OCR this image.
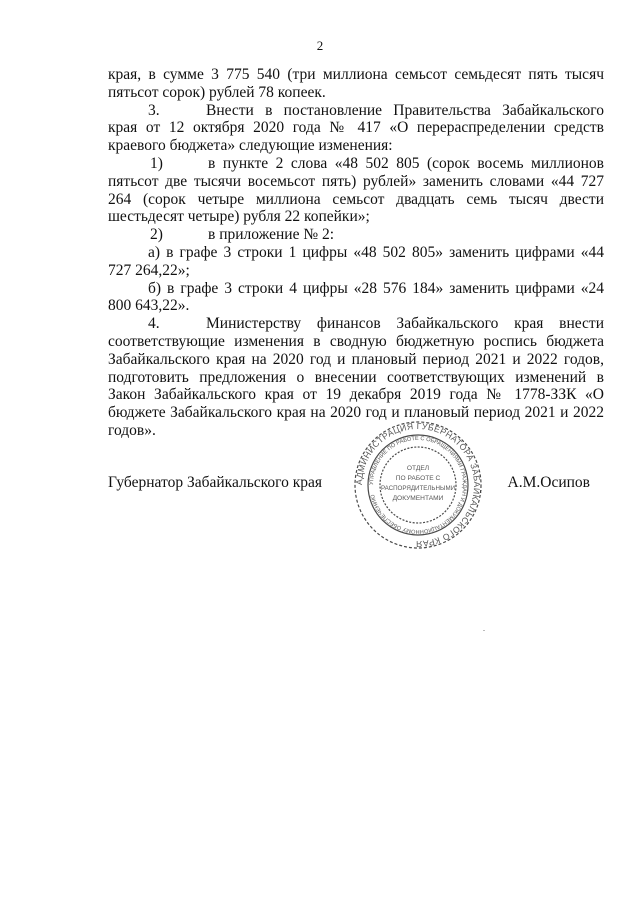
2

края, в сумме 3 775 540 (три миллиона семьсот семьдесят пять тысяч пятьсот сорок) рублей 78 копеек.

3.	Внести в постановление Правительства Забайкальского края от 12 октября 2020 года № 417 «О перераспределении средств краевого бюджета» следующие изменения:

1)	в пункте 2 слова «48 502 805 (сорок восемь миллионов пятьсот две тысячи восемьсот пять) рублей» заменить словами «44 727 264 (сорок четыре миллиона семьсот двадцать семь тысяч двести шестьдесят четыре) рубля 22 копейки»;

2)	в приложение № 2:

а) в графе 3 строки 1 цифры «48 502 805» заменить цифрами «44 727 264,22»;

б) в графе 3 строки 4 цифры «28 576 184» заменить цифрами «24 800 643,22».

4.	Министерству финансов Забайкальского края внести соответствующие изменения в сводную бюджетную роспись бюджета Забайкальского края на 2020 год и плановый период 2021 и 2022 годов, подготовить предложения о внесении соответствующих изменений в Закон Забайкальского края от 19 декабря 2019 года № 1778-ЗЗК «О бюджете Забайкальского края на 2020 год и плановый период 2021 и 2022 годов».

Губернатор Забайкальского края	А.М.Осипов
АДМИНИСТРАЦИЯ ГУБЕРНАТОРА ЗАБАЙКАЛЬСКОГО КРАЯ
УПРАВЛЕНИЕ ПО РАБОТЕ С ОБРАЩЕНИЯМИ ГРАЖДАН И ДОКУМЕНТАЦИОННОМУ ОБЕСПЕЧЕНИЮ
ОТДЕЛ
ПО РАБОТЕ С
РАСПОРЯДИТЕЛЬНЫМИ
ДОКУМЕНТАМИ
